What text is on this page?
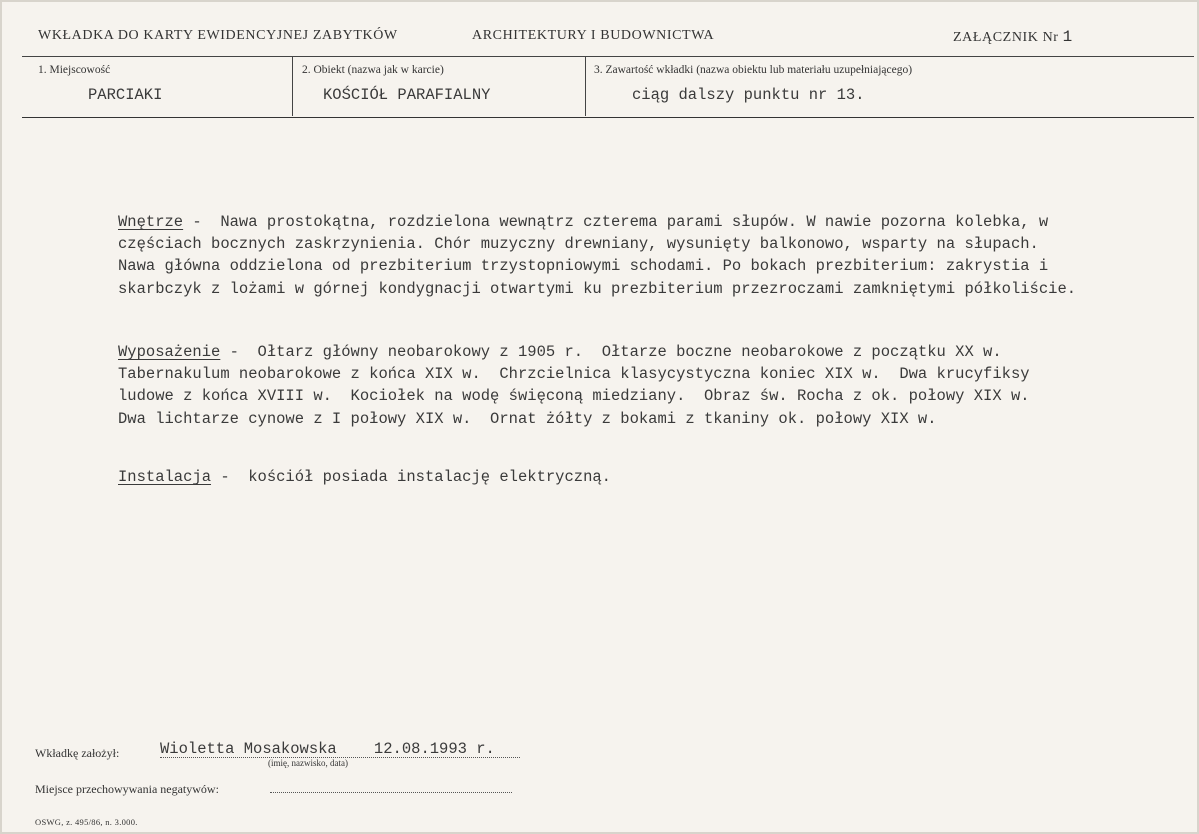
WKŁADKA DO KARTY EWIDENCYJNEJ ZABYTKÓW	ARCHITEKTURY I BUDOWNICTWA	ZAŁĄCZNIK Nr 1
1. Miejscowość	2. Obiekt (nazwa jak w karcie)	3. Zawartość wkładki (nazwa obiektu lub materiału uzupełniającego)
PARCIAKI	KOŚCIÓŁ PARAFIALNY	ciąg dalszy punktu nr 13.

Wnętrze -  Nawa prostokątna, rozdzielona wewnątrz czterema parami słupów. W nawie pozorna kolebka, w
częściach bocznych zaskrzynienia. Chór muzyczny drewniany, wysunięty balkonowo, wsparty na słupach.
Nawa główna oddzielona od prezbiterium trzystopniowymi schodami. Po bokach prezbiterium: zakrystia i
skarbczyk z lożami w górnej kondygnacji otwartymi ku prezbiterium przezroczami zamkniętymi półkoliście.

Wyposażenie -  Ołtarz główny neobarokowy z 1905 r.  Ołtarze boczne neobarokowe z początku XX w.
Tabernakulum neobarokowe z końca XIX w.  Chrzcielnica klasycystyczna koniec XIX w.  Dwa krucyfiksy
ludowe z końca XVIII w.  Kociołek na wodę święconą miedziany.  Obraz św. Rocha z ok. połowy XIX w.
Dwa lichtarze cynowe z I połowy XIX w.  Ornat żółty z bokami z tkaniny ok. połowy XIX w.

Instalacja -  kościół posiada instalację elektryczną.

Wkładkę założył:	Wioletta Mosakowska    12.08.1993 r.
(imię, nazwisko, data)
Miejsce przechowywania negatywów:
OSWG, z. 495/86, n. 3.000.
